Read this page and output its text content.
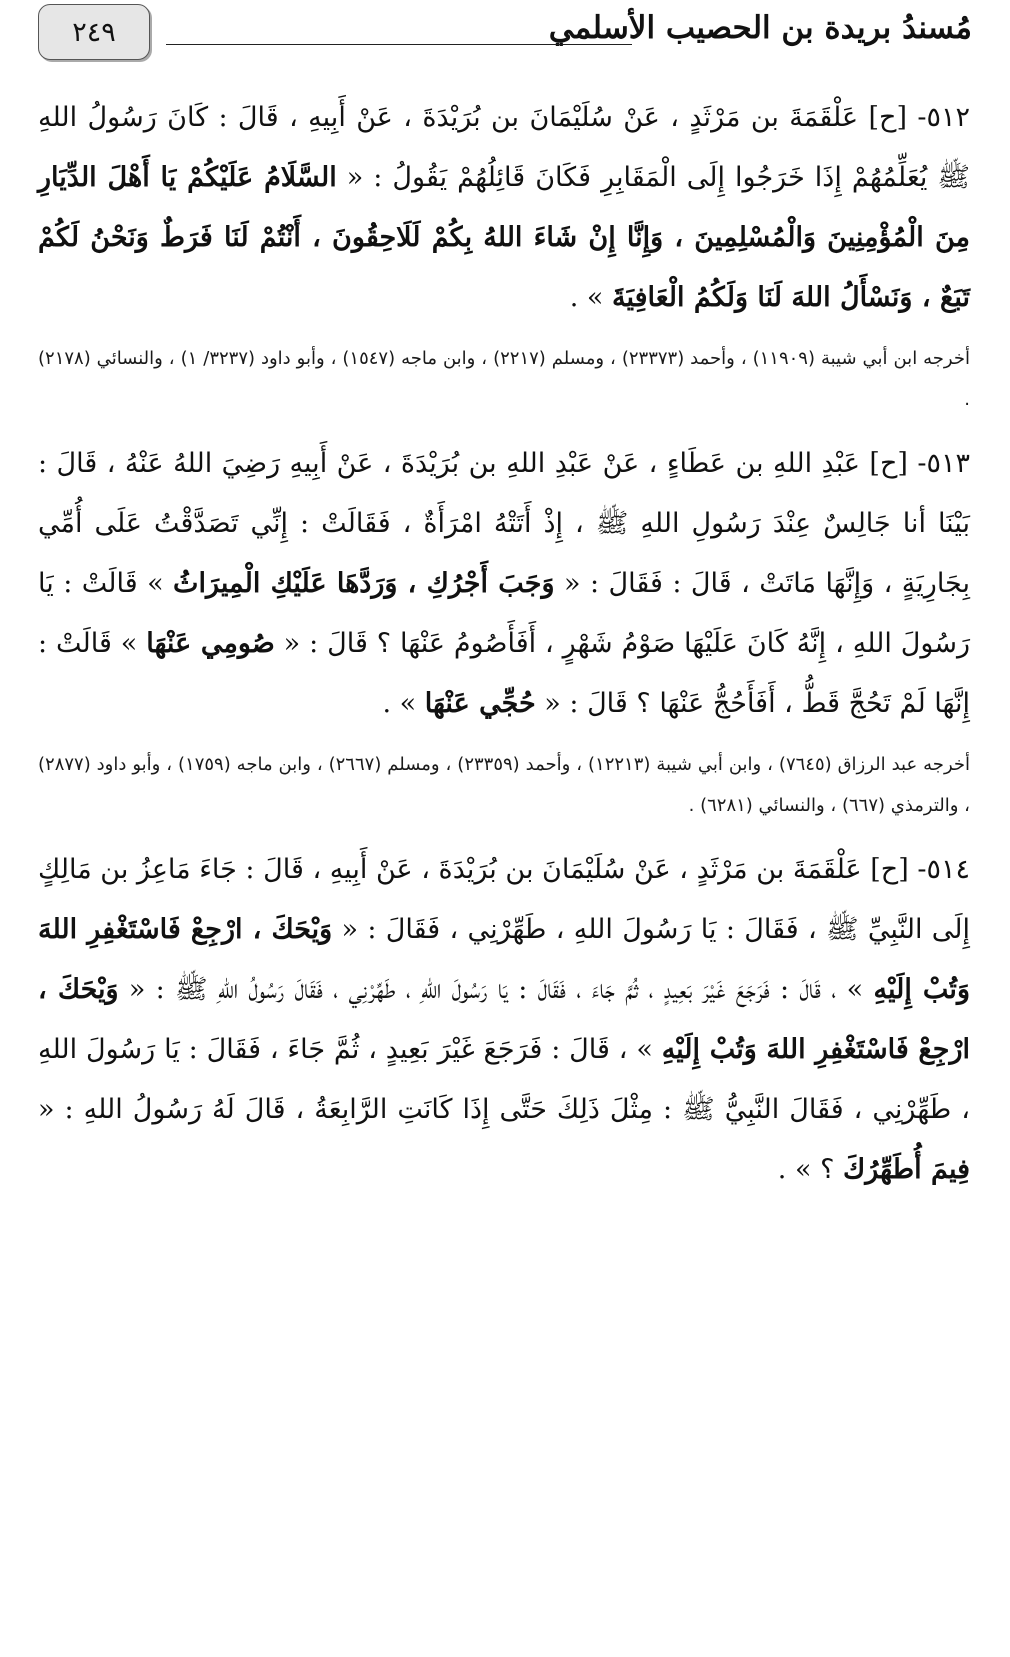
مُسندُ بريدة بن الحصيب الأسلمي
٢٤٩

٥١٢- [ح] عَلْقَمَةَ بن مَرْثَدٍ ، عَنْ سُلَيْمَانَ بن بُرَيْدَةَ ، عَنْ أَبِيهِ ، قَالَ : كَانَ رَسُولُ اللهِ ﷺ يُعَلِّمُهُمْ إِذَا خَرَجُوا إِلَى الْمَقَابِرِ فَكَانَ قَائِلُهُمْ يَقُولُ : « السَّلَامُ عَلَيْكُمْ يَا أَهْلَ الدِّيَارِ مِنَ الْمُؤْمِنِينَ وَالْمُسْلِمِينَ ، وَإِنَّا إِنْ شَاءَ اللهُ بِكُمْ لَلَاحِقُونَ ، أَنْتُمْ لَنَا فَرَطٌ وَنَحْنُ لَكُمْ تَبَعٌ ، وَنَسْأَلُ اللهَ لَنَا وَلَكُمُ الْعَافِيَةَ » .

أخرجه ابن أبي شيبة (١١٩٠٩) ، وأحمد (٢٣٣٧٣) ، ومسلم (٢٢١٧) ، وابن ماجه (١٥٤٧) ، وأبو داود (٣٢٣٧/ ١) ، والنسائي (٢١٧٨) .

٥١٣- [ح] عَبْدِ اللهِ بن عَطَاءٍ ، عَنْ عَبْدِ اللهِ بن بُرَيْدَةَ ، عَنْ أَبِيهِ رَضِيَ اللهُ عَنْهُ ، قَالَ : بَيْنَا أنا جَالِسٌ عِنْدَ رَسُولِ اللهِ ﷺ ، إِذْ أَتَتْهُ امْرَأَةٌ ، فَقَالَتْ : إِنِّي تَصَدَّقْتُ عَلَى أُمِّي بِجَارِيَةٍ ، وَإِنَّهَا مَاتَتْ ، قَالَ : فَقَالَ : « وَجَبَ أَجْرُكِ ، وَرَدَّهَا عَلَيْكِ الْمِيرَاثُ » قَالَتْ : يَا رَسُولَ اللهِ ، إِنَّهُ كَانَ عَلَيْهَا صَوْمُ شَهْرٍ ، أَفَأَصُومُ عَنْهَا ؟ قَالَ : « صُومِي عَنْهَا » قَالَتْ : إِنَّهَا لَمْ تَحُجَّ قَطُّ ، أَفَأَحُجُّ عَنْهَا ؟ قَالَ : « حُجِّي عَنْهَا » .

أخرجه عبد الرزاق (٧٦٤٥) ، وابن أبي شيبة (١٢٢١٣) ، وأحمد (٢٣٣٥٩) ، ومسلم (٢٦٦٧) ، وابن ماجه (١٧٥٩) ، وأبو داود (٢٨٧٧) ، والترمذي (٦٦٧) ، والنسائي (٦٢٨١) .

٥١٤- [ح] عَلْقَمَةَ بن مَرْثَدٍ ، عَنْ سُلَيْمَانَ بن بُرَيْدَةَ ، عَنْ أَبِيهِ ، قَالَ : جَاءَ مَاعِزُ بن مَالِكٍ إِلَى النَّبِيِّ ﷺ ، فَقَالَ : يَا رَسُولَ اللهِ ، طَهِّرْنِي ، فَقَالَ : « وَيْحَكَ ، ارْجِعْ فَاسْتَغْفِرِ اللهَ وَتُبْ إِلَيْهِ » ، قَالَ : فَرَجَعَ غَيْرَ بَعِيدٍ ، ثُمَّ جَاءَ ، فَقَالَ : يَا رَسُولَ اللهِ ، طَهِّرْنِي ، فَقَالَ رَسُولُ اللهِ ﷺ : « وَيْحَكَ ، ارْجِعْ فَاسْتَغْفِرِ اللهَ وَتُبْ إِلَيْهِ » ، قَالَ : فَرَجَعَ غَيْرَ بَعِيدٍ ، ثُمَّ جَاءَ ، فَقَالَ : يَا رَسُولَ اللهِ ، طَهِّرْنِي ، فَقَالَ النَّبِيُّ ﷺ : مِثْلَ ذَلِكَ حَتَّى إِذَا كَانَتِ الرَّابِعَةُ ، قَالَ لَهُ رَسُولُ اللهِ : « فِيمَ أُطَهِّرُكَ ؟ » .
